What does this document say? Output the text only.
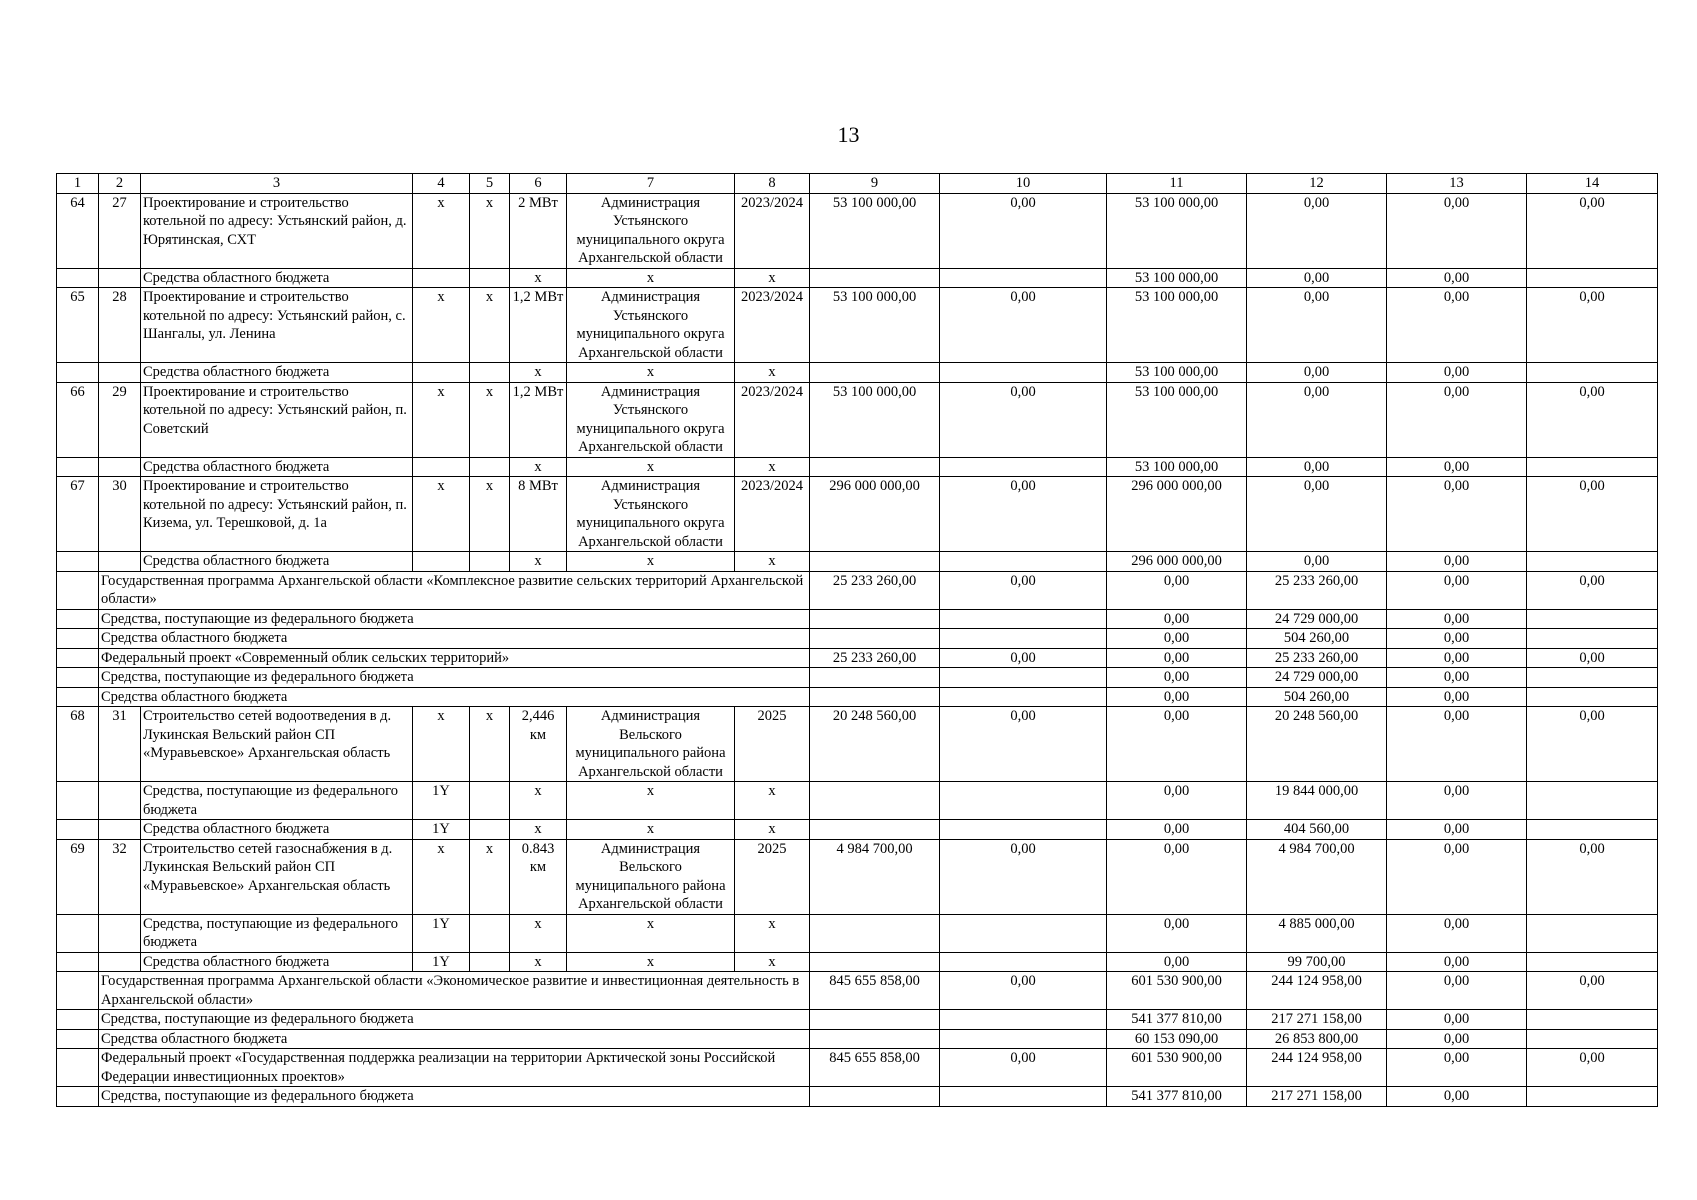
13
1	2	3	4	5	6	7	8	9	10	11	12	13	14
64	27	Проектирование и строительство котельной по адресу: Устьянский район, д. Юрятинская, СХТ	х	х	2 МВт	Администрация Устьянского муниципального округа Архангельской области	2023/2024	53 100 000,00	0,00	53 100 000,00	0,00	0,00	0,00
		Средства областного бюджета			х	х	х			53 100 000,00	0,00	0,00	
65	28	Проектирование и строительство котельной по адресу: Устьянский район, с. Шангалы, ул. Ленина	х	х	1,2 МВт	Администрация Устьянского муниципального округа Архангельской области	2023/2024	53 100 000,00	0,00	53 100 000,00	0,00	0,00	0,00
		Средства областного бюджета			х	х	х			53 100 000,00	0,00	0,00	
66	29	Проектирование и строительство котельной по адресу: Устьянский район, п. Советский	х	х	1,2 МВт	Администрация Устьянского муниципального округа Архангельской области	2023/2024	53 100 000,00	0,00	53 100 000,00	0,00	0,00	0,00
		Средства областного бюджета			х	х	х			53 100 000,00	0,00	0,00	
67	30	Проектирование и строительство котельной по адресу: Устьянский район, п. Кизема, ул. Терешковой, д. 1а	х	х	8 МВт	Администрация Устьянского муниципального округа Архангельской области	2023/2024	296 000 000,00	0,00	296 000 000,00	0,00	0,00	0,00
		Средства областного бюджета			х	х	х			296 000 000,00	0,00	0,00	
	Государственная программа Архангельской области «Комплексное развитие сельских территорий Архангельской области»							25 233 260,00	0,00	0,00	25 233 260,00	0,00	0,00
	Средства, поступающие из федерального бюджета									0,00	24 729 000,00	0,00	
	Средства областного бюджета									0,00	504 260,00	0,00	
	Федеральный проект «Современный облик сельских территорий»							25 233 260,00	0,00	0,00	25 233 260,00	0,00	0,00
	Средства, поступающие из федерального бюджета									0,00	24 729 000,00	0,00	
	Средства областного бюджета									0,00	504 260,00	0,00	
68	31	Строительство сетей водоотведения в д. Лукинская Вельский район СП «Муравьевское» Архангельская область	х	х	2,446 км	Администрация Вельского муниципального района Архангельской области	2025	20 248 560,00	0,00	0,00	20 248 560,00	0,00	0,00
		Средства, поступающие из федерального бюджета	1Y		х	х	х			0,00	19 844 000,00	0,00	
		Средства областного бюджета	1Y		х	х	х			0,00	404 560,00	0,00	
69	32	Строительство сетей газоснабжения в д. Лукинская Вельский район СП «Муравьевское» Архангельская область	х	х	0.843 км	Администрация Вельского муниципального района Архангельской области	2025	4 984 700,00	0,00	0,00	4 984 700,00	0,00	0,00
		Средства, поступающие из федерального бюджета	1Y		х	х	х			0,00	4 885 000,00	0,00	
		Средства областного бюджета	1Y		х	х	х			0,00	99 700,00	0,00	
	Государственная программа Архангельской области «Экономическое развитие и инвестиционная деятельность в Архангельской области»							845 655 858,00	0,00	601 530 900,00	244 124 958,00	0,00	0,00
	Средства, поступающие из федерального бюджета									541 377 810,00	217 271 158,00	0,00	
	Средства областного бюджета									60 153 090,00	26 853 800,00	0,00	
	Федеральный проект «Государственная поддержка реализации на территории Арктической зоны Российской Федерации инвестиционных проектов»							845 655 858,00	0,00	601 530 900,00	244 124 958,00	0,00	0,00
	Средства, поступающие из федерального бюджета									541 377 810,00	217 271 158,00	0,00	
